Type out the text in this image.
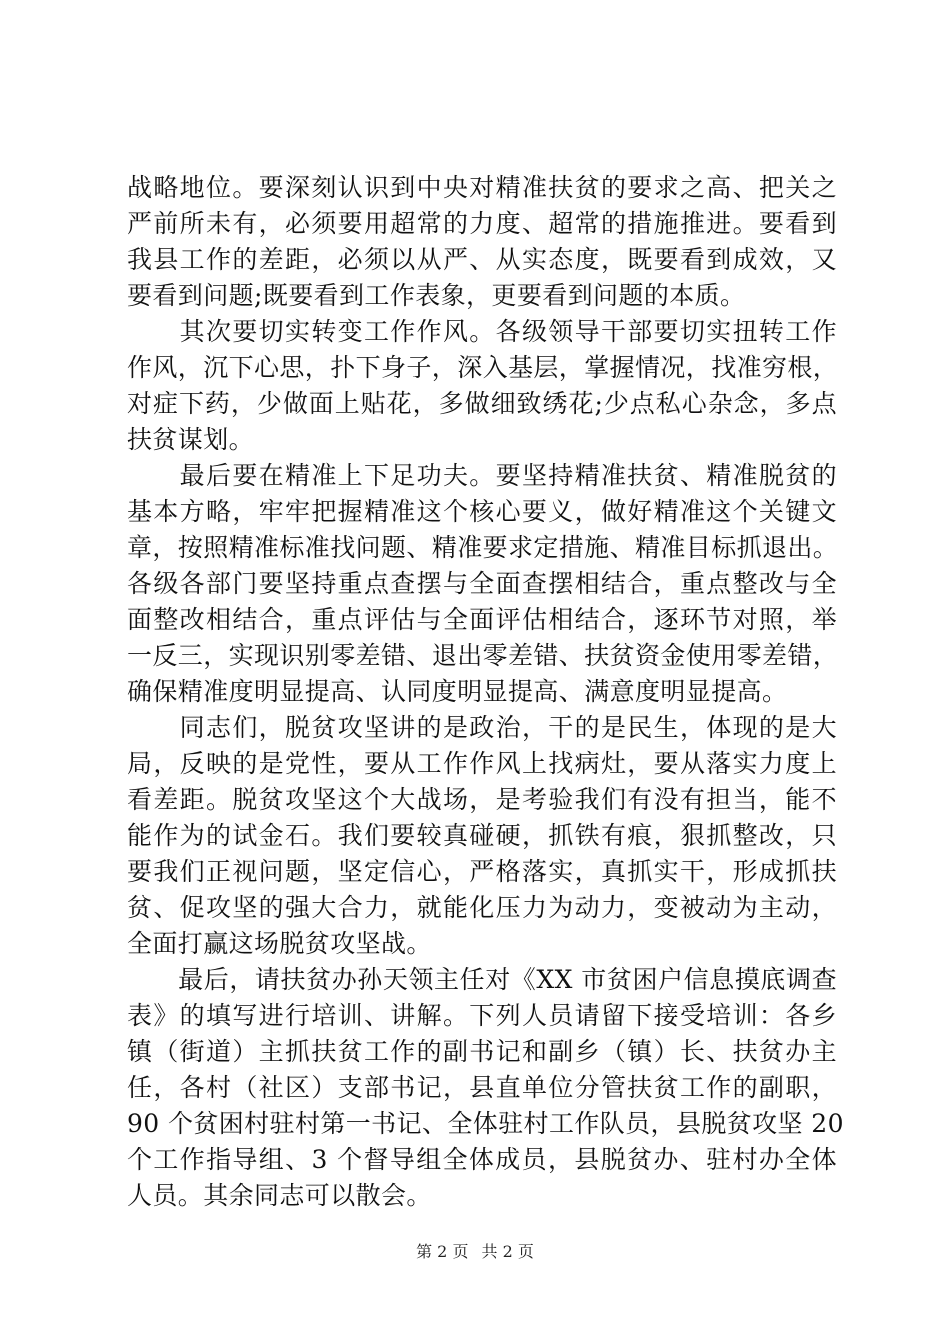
战略地位。要深刻认识到中央对精准扶贫的要求之高、把关之
严前所未有，必须要用超常的力度、超常的措施推进。要看到
我县工作的差距，必须以从严、从实态度，既要看到成效，又
要看到问题;既要看到工作表象，更要看到问题的本质。
　　其次要切实转变工作作风。各级领导干部要切实扭转工作
作风，沉下心思，扑下身子，深入基层，掌握情况，找准穷根，
对症下药，少做面上贴花，多做细致绣花;少点私心杂念，多点
扶贫谋划。
　　最后要在精准上下足功夫。要坚持精准扶贫、精准脱贫的
基本方略，牢牢把握精准这个核心要义，做好精准这个关键文
章，按照精准标准找问题、精准要求定措施、精准目标抓退出。
各级各部门要坚持重点查摆与全面查摆相结合，重点整改与全
面整改相结合，重点评估与全面评估相结合，逐环节对照，举
一反三，实现识别零差错、退出零差错、扶贫资金使用零差错，
确保精准度明显提高、认同度明显提高、满意度明显提高。
　　同志们，脱贫攻坚讲的是政治，干的是民生，体现的是大
局，反映的是党性，要从工作作风上找病灶，要从落实力度上
看差距。脱贫攻坚这个大战场，是考验我们有没有担当，能不
能作为的试金石。我们要较真碰硬，抓铁有痕，狠抓整改，只
要我们正视问题，坚定信心，严格落实，真抓实干，形成抓扶
贫、促攻坚的强大合力，就能化压力为动力，变被动为主动，
全面打赢这场脱贫攻坚战。
　　最后，请扶贫办孙天领主任对《XX 市贫困户信息摸底调查
表》的填写进行培训、讲解。下列人员请留下接受培训：各乡
镇（街道）主抓扶贫工作的副书记和副乡（镇）长、扶贫办主
任，各村（社区）支部书记，县直单位分管扶贫工作的副职，
90 个贫困村驻村第一书记、全体驻村工作队员，县脱贫攻坚 20
个工作指导组、3 个督导组全体成员，县脱贫办、驻村办全体
人员。其余同志可以散会。
第 2 页 共 2 页
